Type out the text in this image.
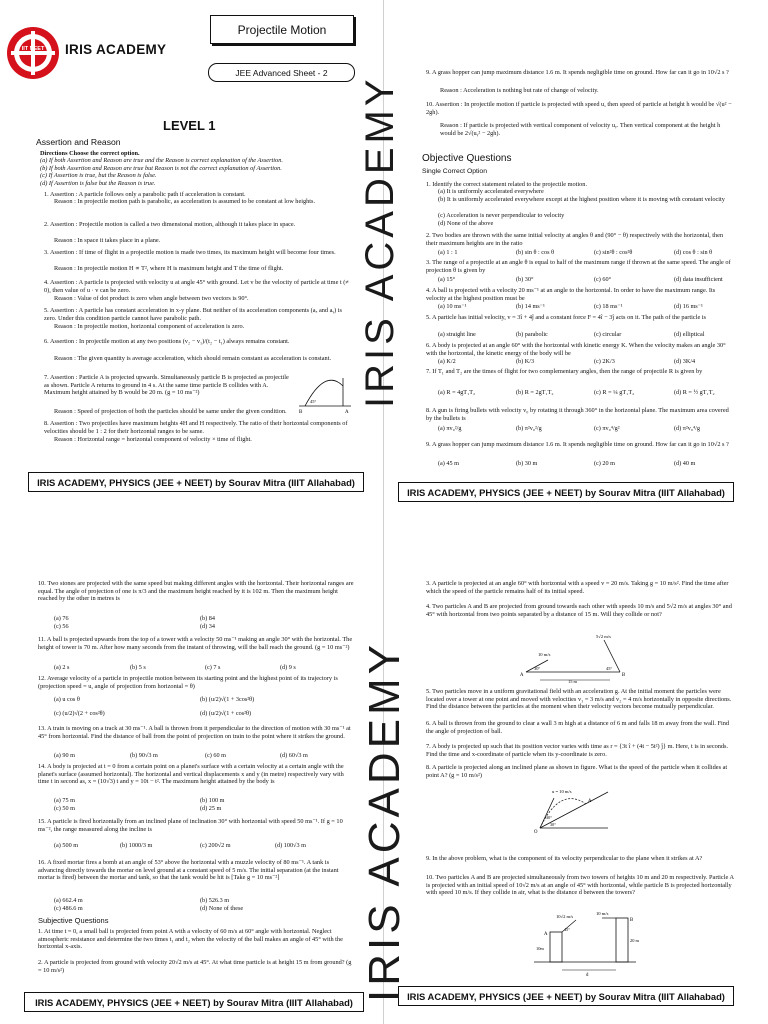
IIT NEET IRIS ACADEMY
Projectile Motion
JEE Advanced Sheet - 2
LEVEL 1
Assertion and Reason
Directions Choose the correct option.
(a) If both Assertion and Reason are true and the Reason is correct explanation of the Assertion.
(b) If both Assertion and Reason are true but Reason is not the correct explanation of Assertion.
(c) If Assertion is true, but the Reason is false.
(d) If Assertion is false but the Reason is true.
1. Assertion : A particle follows only a parabolic path if acceleration is constant.
Reason : In projectile motion path is parabolic, as acceleration is assumed to be constant at low heights.
2. Assertion : Projectile motion is called a two dimensional motion, although it takes place in space.
Reason : In space it takes place in a plane.
3. Assertion : If time of flight in a projectile motion is made two times, its maximum height will become four times.
Reason : In projectile motion H ∝ T², where H is maximum height and T the time of flight.
4. Assertion : A particle is projected with velocity u at angle 45° with ground. Let v be the velocity of particle at time t (≠ 0), then value of u · v can be zero.
Reason : Value of dot product is zero when angle between two vectors is 90°.
5. Assertion : A particle has constant acceleration in x-y plane. But neither of its acceleration components (aₓ and aᵧ) is zero. Under this condition particle cannot have parabolic path.
Reason : In projectile motion, horizontal component of acceleration is zero.
6. Assertion : In projectile motion at any two positions (v₂ − v₁)/(t₂ − t₁) always remains constant.
Reason : The given quantity is average acceleration, which should remain constant as acceleration is constant.
7. Assertion : Particle A is projected upwards. Simultaneously particle B is projected as projectile as shown. Particle A returns to ground in 4 s. At the same time particle B collides with A. Maximum height attained by B would be 20 m. (g = 10 ms⁻²)
B	A
45°
Reason : Speed of projection of both the particles should be same under the given condition.
8. Assertion : Two projectiles have maximum heights 4H and H respectively. The ratio of their horizontal components of velocities should be 1 : 2 for their horizontal ranges to be same.
Reason : Horizontal range = horizontal component of velocity × time of flight.
IRIS ACADEMY, PHYSICS (JEE + NEET) by Sourav Mitra (IIIT Allahabad)
9. A grass hopper can jump maximum distance 1.6 m. It spends negligible time on ground. How far can it go in 10√2 s ?
Reason : Acceleration is nothing but rate of change of velocity.
10. Assertion : In projectile motion if particle is projected with speed u, then speed of particle at height h would be √(u² − 2gh).
Reason : If particle is projected with vertical component of velocity uᵧ. Then vertical component at the height h would be 2√(uᵧ² − 2gh).
Objective Questions
Single Correct Option
1. Identify the correct statement related to the projectile motion.
(a) It is uniformly accelerated everywhere
(b) It is uniformly accelerated everywhere except at the highest position where it is moving with constant velocity
(c) Acceleration is never perpendicular to velocity
(d) None of the above
2. Two bodies are thrown with the same initial velocity at angles θ and (90° − θ) respectively with the horizontal, then their maximum heights are in the ratio
(a) 1 : 1	(b) sin θ : cos θ	(c) sin²θ : cos²θ	(d) cos θ : sin θ
3. The range of a projectile at an angle θ is equal to half of the maximum range if thrown at the same speed. The angle of projection θ is given by
(a) 15°	(b) 30°	(c) 60°	(d) data insufficient
4. A ball is projected with a velocity 20 ms⁻¹ at an angle to the horizontal. In order to have the maximum range. Its velocity at the highest position must be
(a) 10 ms⁻¹	(b) 14 ms⁻¹	(c) 18 ms⁻¹	(d) 16 ms⁻¹
5. A particle has initial velocity, v = 3î + 4ĵ and a constant force F = 4î − 3ĵ acts on it. The path of the particle is
(a) straight line	(b) parabolic	(c) circular	(d) elliptical
6. A body is projected at an angle 60° with the horizontal with kinetic energy K. When the velocity makes an angle 30° with the horizontal, the kinetic energy of the body will be
(a) K/2	(b) K/3	(c) 2K/3	(d) 3K/4
7. If T₁ and T₂ are the times of flight for two complementary angles, then the range of projectile R is given by
(a) R = 4gT₁T₂	(b) R = 2gT₁T₂	(c) R = ¼ gT₁T₂	(d) R = ½ gT₁T₂
8. A gun is firing bullets with velocity v₀ by rotating it through 360° in the horizontal plane. The maximum area covered by the bullets is
(a) πv₀²/g	(b) π²v₀²/g	(c) πv₀⁴/g²	(d) π²v₀⁴/g
9. A grass hopper can jump maximum distance 1.6 m. It spends negligible time on ground. How far can it go in 10√2 s ?
(a) 45 m	(b) 30 m	(c) 20 m	(d) 40 m
IRIS ACADEMY, PHYSICS (JEE + NEET) by Sourav Mitra (IIIT Allahabad)
10. Two stones are projected with the same speed but making different angles with the horizontal. Their horizontal ranges are equal. The angle of projection of one is π/3 and the maximum height reached by it is 102 m. Then the maximum height reached by the other in metres is
(a) 76	(b) 84
(c) 56	(d) 34
11. A ball is projected upwards from the top of a tower with a velocity 50 ms⁻¹ making an angle 30° with the horizontal. The height of tower is 70 m. After how many seconds from the instant of throwing, will the ball reach the ground. (g = 10 ms⁻²)
(a) 2 s	(b) 5 s	(c) 7 s	(d) 9 s
12. Average velocity of a particle in projectile motion between its starting point and the highest point of its trajectory is (projection speed = u, angle of projection from horizontal = θ)
(a) u cos θ	(b) (u/2)√(1 + 3cos²θ)
(c) (u/2)√(2 + cos²θ)	(d) (u/2)√(1 + cos²θ)
13. A train is moving on a track at 30 ms⁻¹. A ball is thrown from it perpendicular to the direction of motion with 30 ms⁻¹ at 45° from horizontal. Find the distance of ball from the point of projection on train to the point where it strikes the ground.
(a) 90 m	(b) 90√3 m	(c) 60 m	(d) 60√3 m
14. A body is projected at t = 0 from a certain point on a planet's surface with a certain velocity at a certain angle with the planet's surface (assumed horizontal). The horizontal and vertical displacements x and y (in metre) respectively vary with time t in second as, x = (10√3) t and y = 10t − t². The maximum height attained by the body is
(a) 75 m	(b) 100 m
(c) 50 m	(d) 25 m
15. A particle is fired horizontally from an inclined plane of inclination 30° with horizontal with speed 50 ms⁻¹. If g = 10 ms⁻², the range measured along the incline is
(a) 500 m	(b) 1000/3 m	(c) 200√2 m	(d) 100√3 m
16. A fixed mortar fires a bomb at an angle of 53° above the horizontal with a muzzle velocity of 80 ms⁻¹. A tank is advancing directly towards the mortar on level ground at a constant speed of 5 m/s. The initial separation (at the instant mortar is fired) between the mortar and tank, so that the tank would be hit is [Take g = 10 ms⁻²]
(a) 662.4 m	(b) 526.3 m
(c) 486.6 m	(d) None of these
Subjective Questions
1. At time t = 0, a small ball is projected from point A with a velocity of 60 m/s at 60° angle with horizontal. Neglect atmospheric resistance and determine the two times t₁ and t₂ when the velocity of the ball makes an angle of 45° with the horizontal x-axis.
2. A particle is projected from ground with velocity 20√2 m/s at 45°. At what time particle is at height 15 m from ground? (g = 10 m/s²)
IRIS ACADEMY, PHYSICS (JEE + NEET) by Sourav Mitra (IIIT Allahabad)
3. A particle is projected at an angle 60° with horizontal with a speed v = 20 m/s. Taking g = 10 m/s². Find the time after which the speed of the particle remains half of its initial speed.
4. Two particles A and B are projected from ground towards each other with speeds 10 m/s and 5√2 m/s at angles 30° and 45° with horizontal from two points separated by a distance of 15 m. Will they collide or not?
10 m/s
5√2 m/s
30°	45°
15 m
A	B
5. Two particles move in a uniform gravitational field with an acceleration g. At the initial moment the particles were located over a tower at one point and moved with velocities v₁ = 3 m/s and v₂ = 4 m/s horizontally in opposite directions. Find the distance between the particles at the moment when their velocity vectors become mutually perpendicular.
6. A ball is thrown from the ground to clear a wall 3 m high at a distance of 6 m and falls 18 m away from the wall. Find the angle of projection of ball.
7. A body is projected up such that its position vector varies with time as r = {3t î + (4t − 5t²) ĵ} m. Here, t is in seconds. Find the time and x-coordinate of particle when its y-coordinate is zero.
8. A particle is projected along an inclined plane as shown in figure. What is the speed of the particle when it collides at point A? (g = 10 m/s²)
u = 10 m/s
A
30°
30°
O
9. In the above problem, what is the component of its velocity perpendicular to the plane when it strikes at A?
10. Two particles A and B are projected simultaneously from two towers of heights 10 m and 20 m respectively. Particle A is projected with an initial speed of 10√2 m/s at an angle of 45° with horizontal, while particle B is projected horizontally with speed 10 m/s. If they collide in air, what is the distance d between the towers?
10 m/s
10√2 m/s
45°
A
B
20 m
10m
d
IRIS ACADEMY, PHYSICS (JEE + NEET) by Sourav Mitra (IIIT Allahabad)
IRIS ACADEMY
IRIS ACADEMY
